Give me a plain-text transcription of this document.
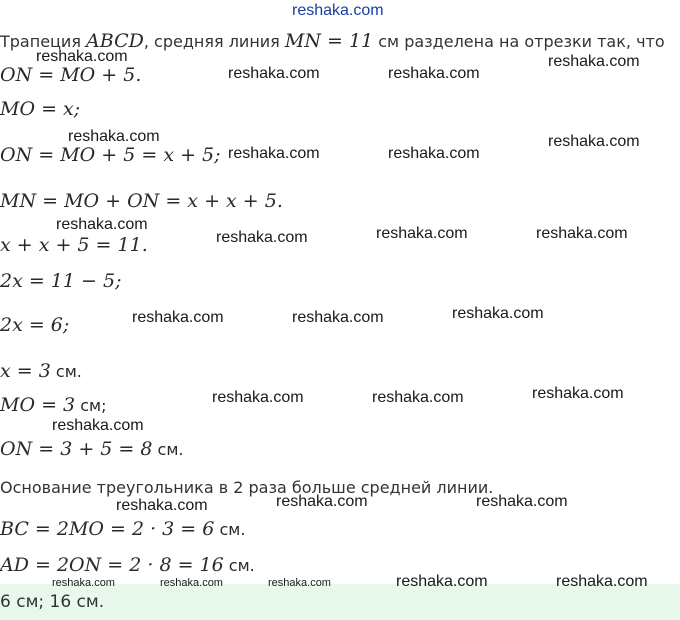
reshaka.com
Трапеция ABCD, средняя линия MN = 11 см разделена на отрезки так, что
ON = MO + 5.
MO = x;
ON = MO + 5 = x + 5;
MN = MO + ON = x + x + 5.
x + x + 5 = 11.
2x = 11 − 5;
2x = 6;
x = 3 см.
MO = 3 см;
ON = 3 + 5 = 8 см.
Основание треугольника в 2 раза больше средней линии.
BC = 2MO = 2 · 3 = 6 см.
AD = 2ON = 2 · 8 = 16 см.
6 см; 16 см.
reshaka.com
reshaka.com	reshaka.com
reshaka.com
reshaka.com
reshaka.com	reshaka.com
reshaka.com
reshaka.com
reshaka.com	reshaka.com	reshaka.com
reshaka.com	reshaka.com	reshaka.com
reshaka.com	reshaka.com	reshaka.com
reshaka.com
reshaka.com	reshaka.com
reshaka.com
reshaka.com	reshaka.com	reshaka.com	reshaka.com	reshaka.com
